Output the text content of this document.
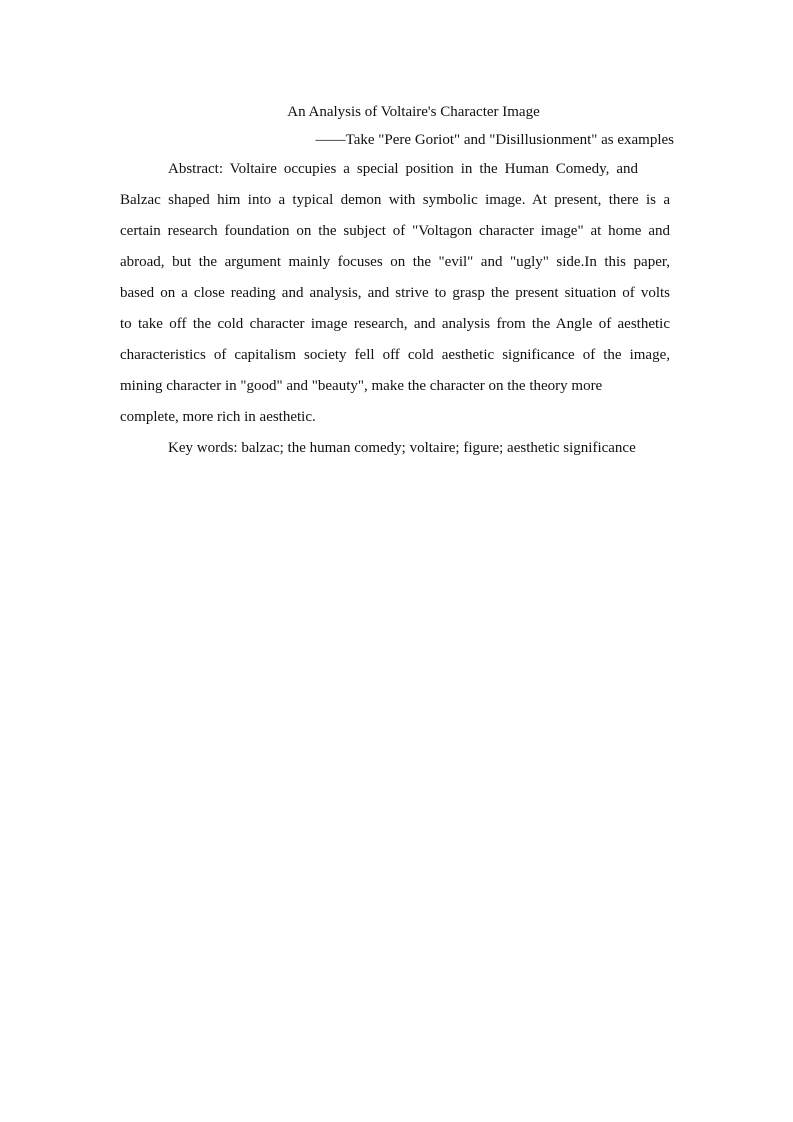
An Analysis of Voltaire's Character Image

——Take "Pere Goriot" and "Disillusionment" as examples

Abstract: Voltaire occupies a special position in the Human Comedy, and
Balzac shaped him into a typical demon with symbolic image. At present, there is a
certain research foundation on the subject of "Voltagon character image" at home and
abroad, but the argument mainly focuses on the "evil" and "ugly" side.In this paper,
based on a close reading and analysis, and strive to grasp the present situation of volts
to take off the cold character image research, and analysis from the Angle of aesthetic
characteristics of capitalism society fell off cold aesthetic significance of the image,
mining character in "good" and "beauty", make the character on the theory more
complete, more rich in aesthetic.

Key words: balzac; the human comedy; voltaire; figure; aesthetic significance
